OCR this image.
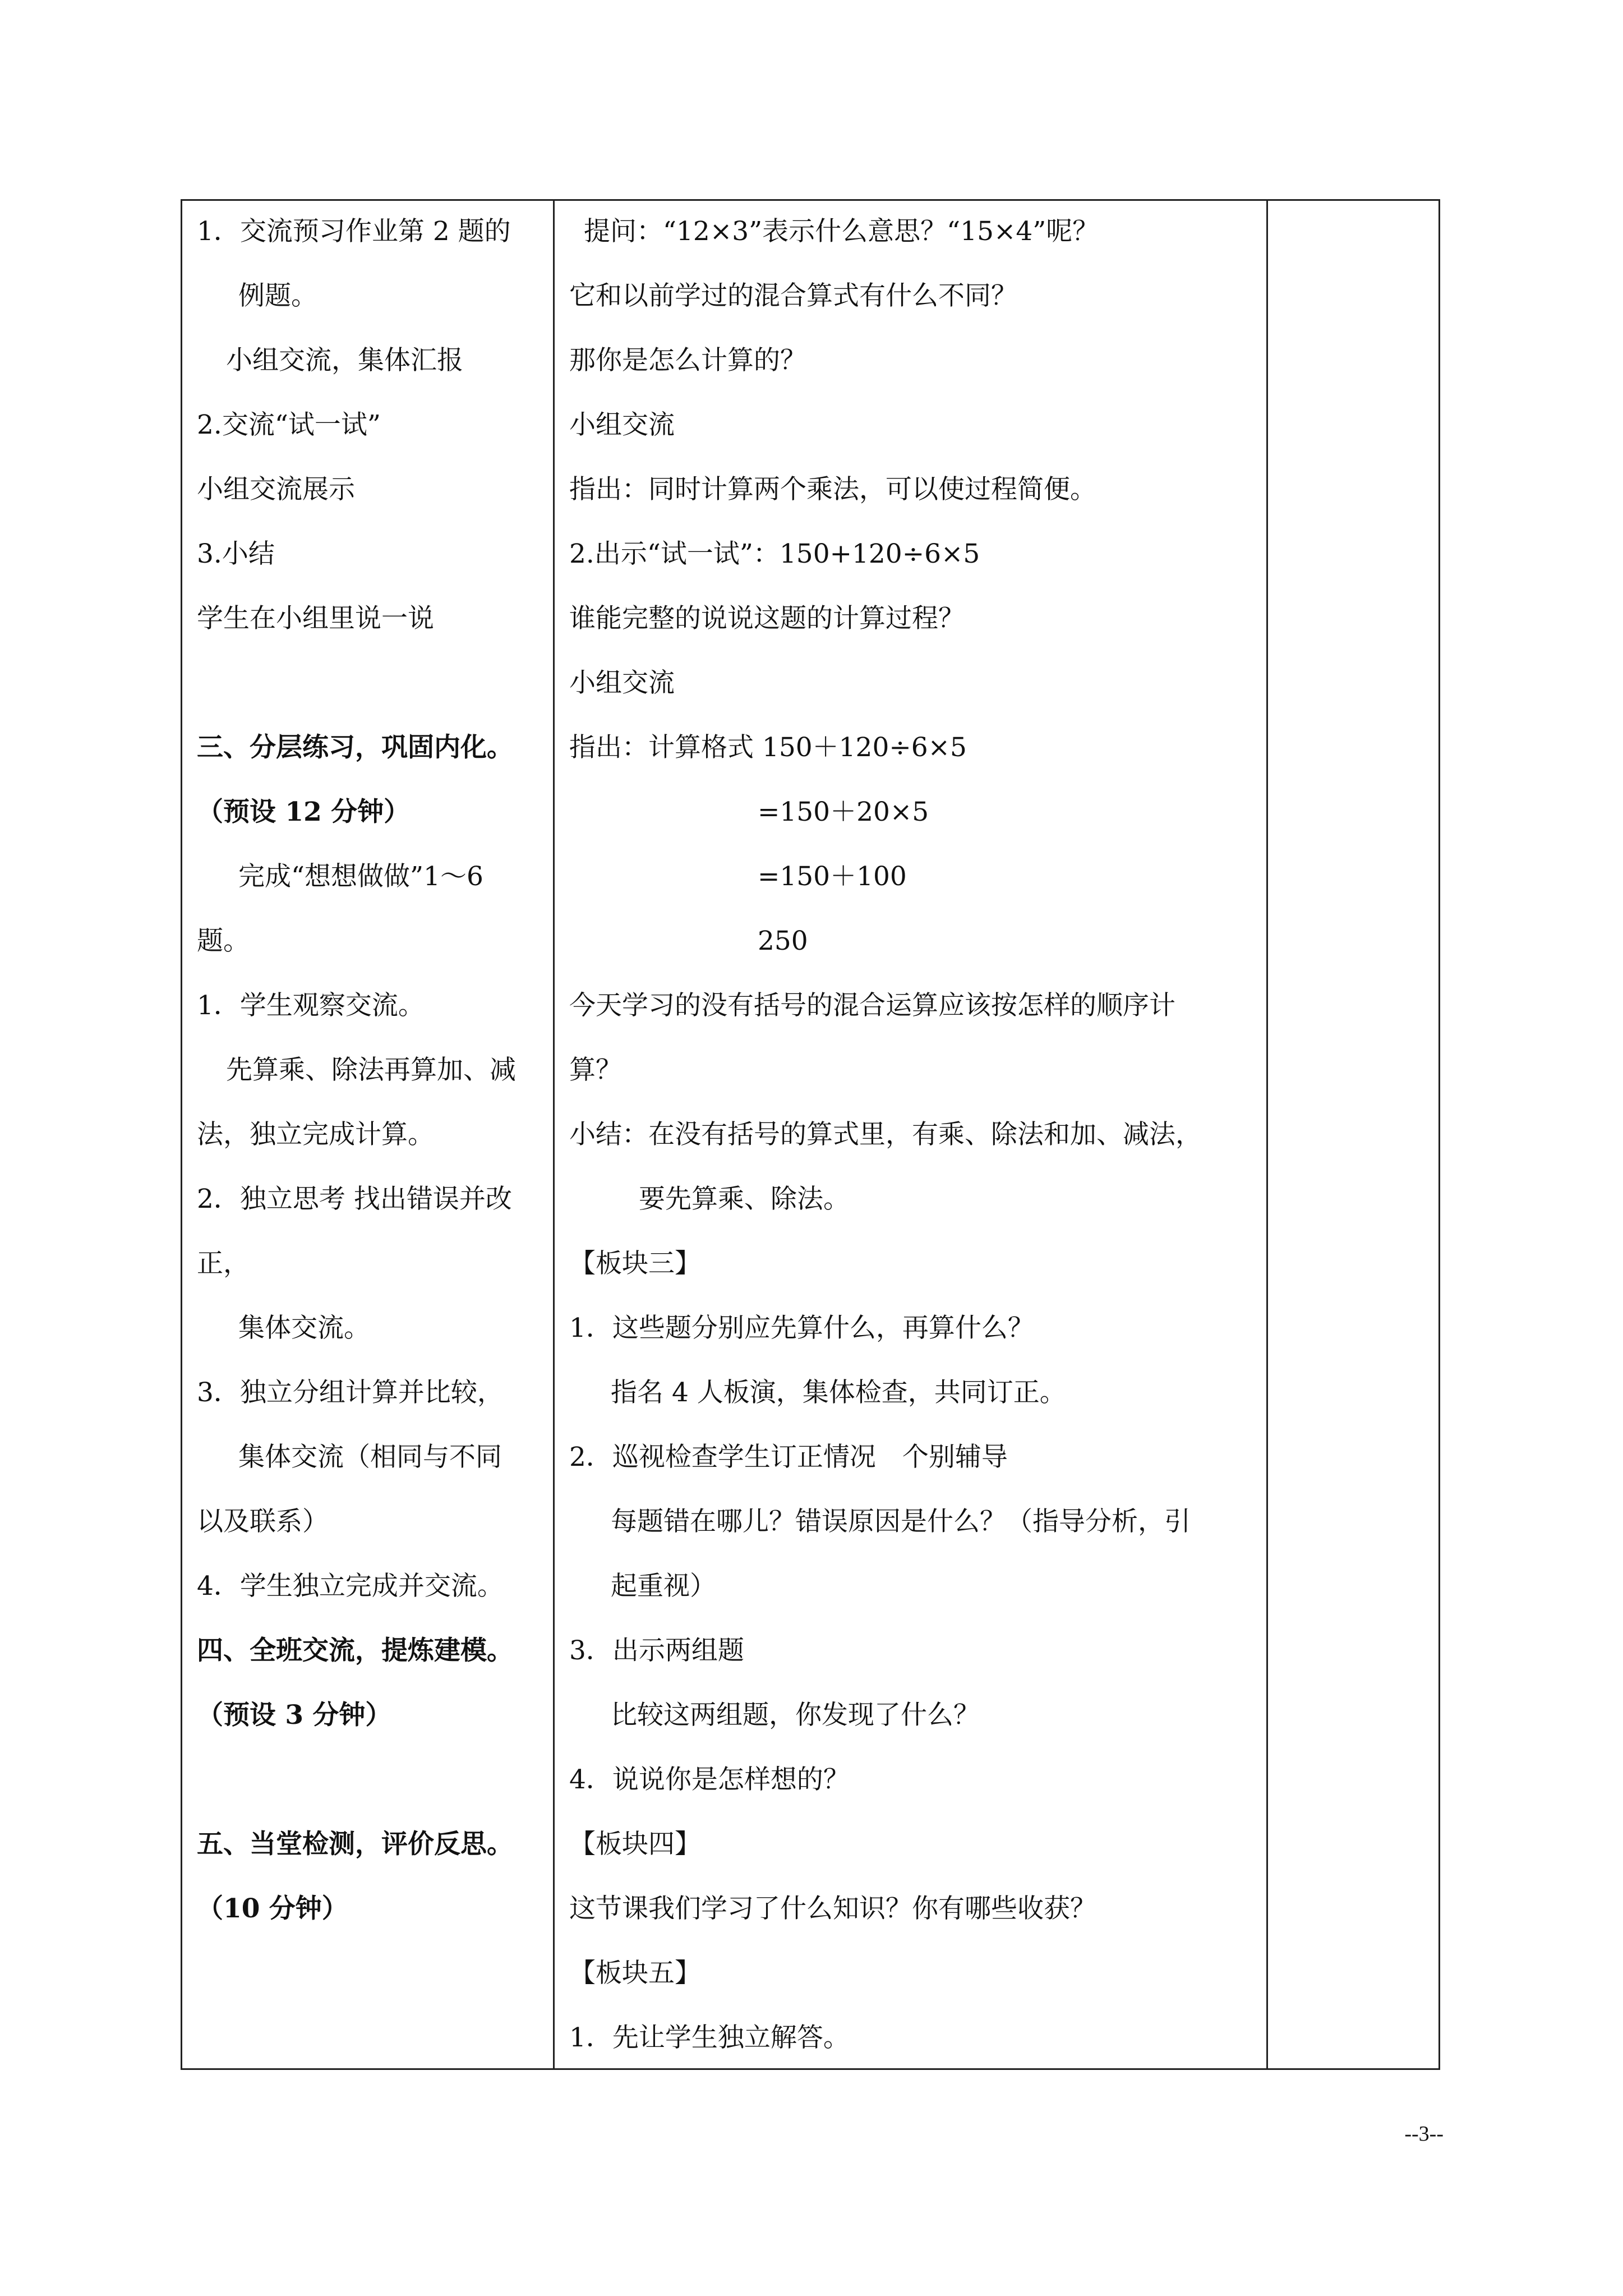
1．交流预习作业第 2 题的
例题。
小组交流，集体汇报
2.交流“试一试”
小组交流展示
3.小结
学生在小组里说一说
三、分层练习，巩固内化。
（预设 12 分钟）
完成“想想做做”1～6
题。
1．学生观察交流。
先算乘、除法再算加、减
法，独立完成计算。
2．独立思考 找出错误并改
正，
集体交流。
3．独立分组计算并比较，
集体交流（相同与不同
以及联系）
4．学生独立完成并交流。
四、全班交流，提炼建模。
（预设 3 分钟）
五、当堂检测，评价反思。
（10 分钟）
提问：“12×3”表示什么意思？“15×4”呢？
它和以前学过的混合算式有什么不同？
那你是怎么计算的？
小组交流
指出：同时计算两个乘法，可以使过程简便。
2.出示“试一试”：150+120÷6×5
谁能完整的说说这题的计算过程？
小组交流
指出：计算格式 150＋120÷6×5
=150＋20×5
=150＋100
250
今天学习的没有括号的混合运算应该按怎样的顺序计
算？
小结：在没有括号的算式里，有乘、除法和加、减法，
要先算乘、除法。
【板块三】
1．这些题分别应先算什么，再算什么？
指名 4 人板演，集体检查，共同订正。
2．巡视检查学生订正情况　个别辅导
每题错在哪儿？错误原因是什么？（指导分析，引
起重视）
3．出示两组题
比较这两组题，你发现了什么？
4．说说你是怎样想的？
【板块四】
这节课我们学习了什么知识？你有哪些收获？
【板块五】
1．先让学生独立解答。
--3--
